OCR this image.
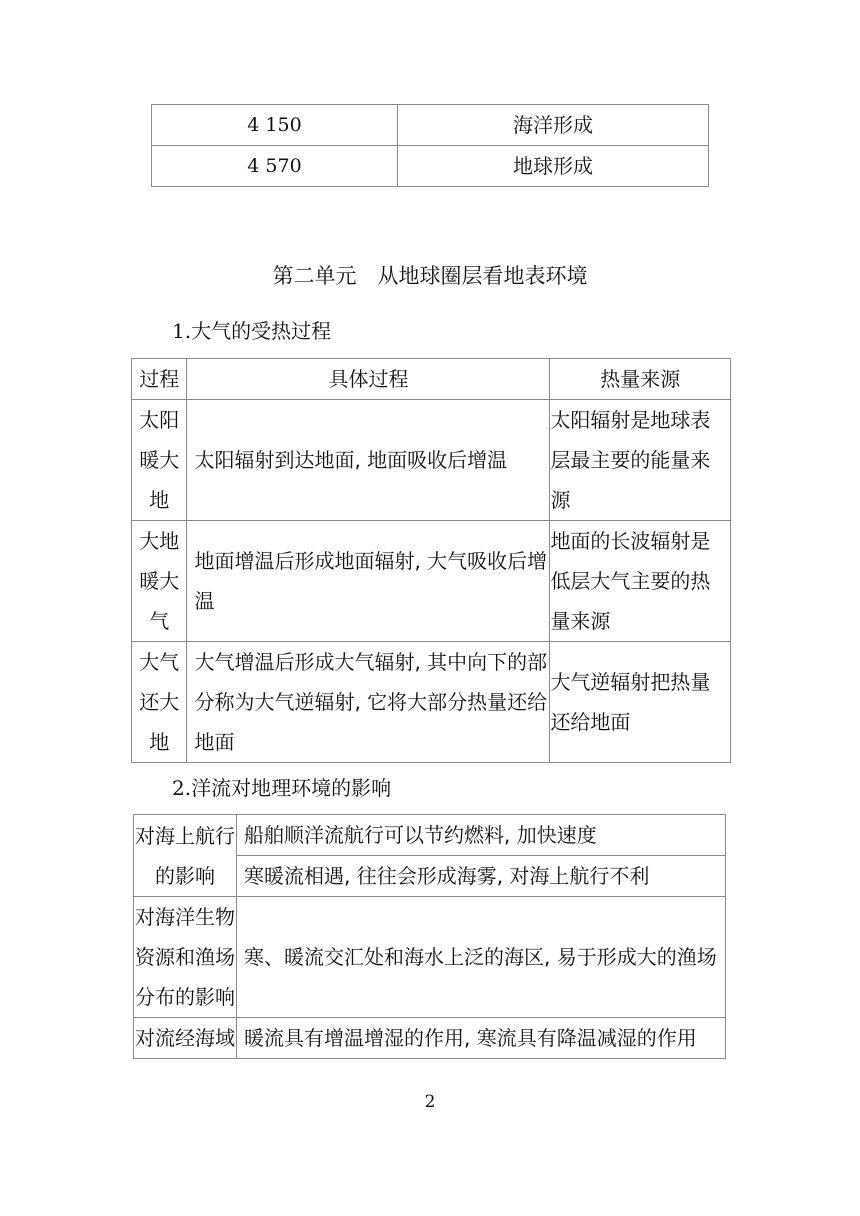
4 150	海洋形成
4 570	地球形成
第二单元　从地球圈层看地表环境
1.大气的受热过程
过程	具体过程	热量来源
太阳暖大地	太阳辐射到达地面, 地面吸收后增温	太阳辐射是地球表层最主要的能量来源
大地暖大气	地面增温后形成地面辐射, 大气吸收后增温	地面的长波辐射是低层大气主要的热量来源
大气还大地	大气增温后形成大气辐射, 其中向下的部分称为大气逆辐射, 它将大部分热量还给地面	大气逆辐射把热量还给地面
2.洋流对地理环境的影响
对海上航行的影响	船舶顺洋流航行可以节约燃料, 加快速度
	寒暖流相遇, 往往会形成海雾, 对海上航行不利
对海洋生物资源和渔场分布的影响	寒、暖流交汇处和海水上泛的海区, 易于形成大的渔场
对流经海域	暖流具有增温增湿的作用, 寒流具有降温减湿的作用
2
